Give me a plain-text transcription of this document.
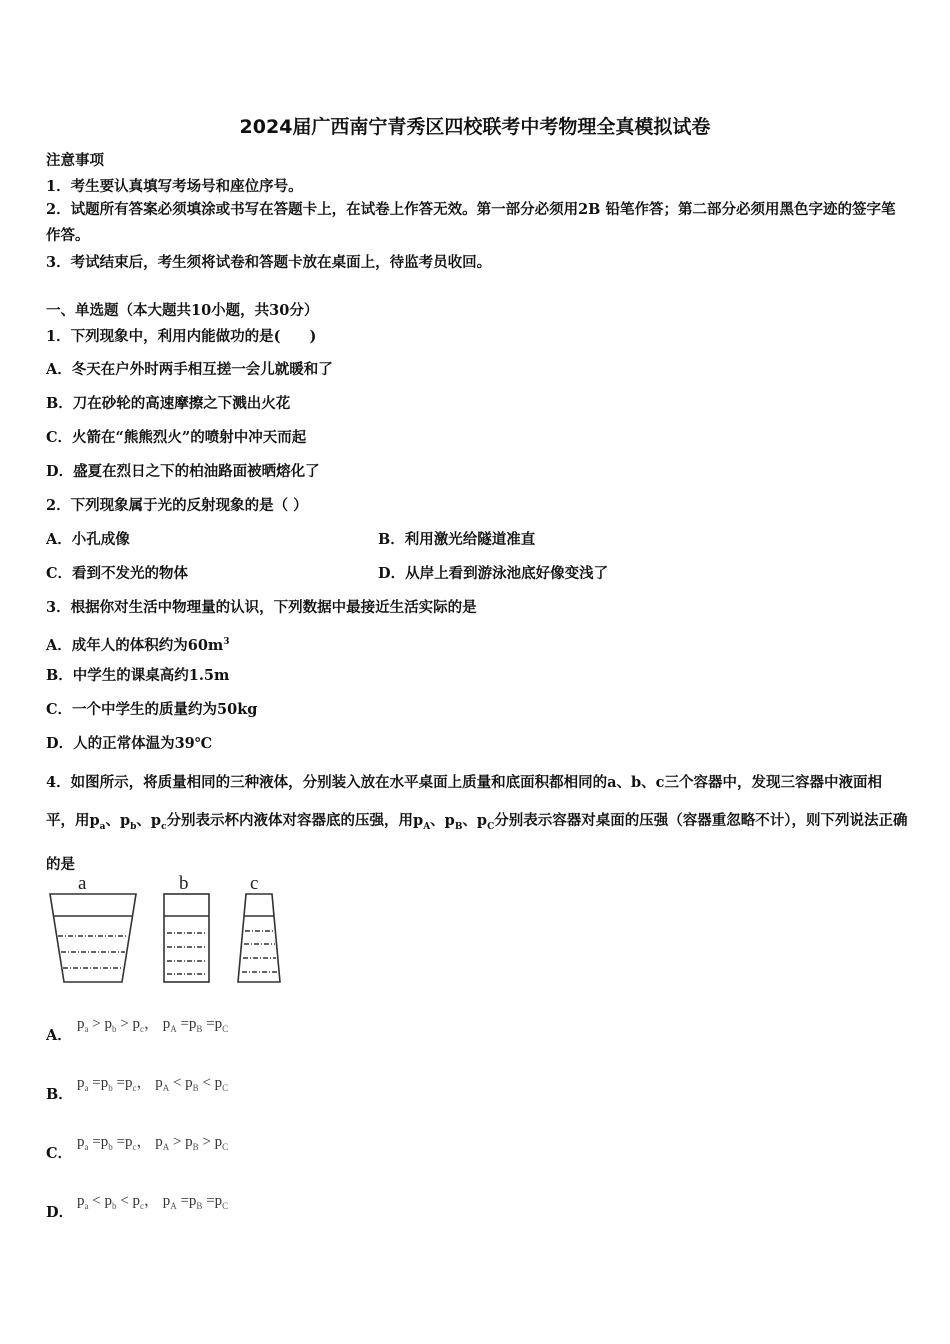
2024届广西南宁青秀区四校联考中考物理全真模拟试卷
注意事项
1．考生要认真填写考场号和座位序号。
2．试题所有答案必须填涂或书写在答题卡上，在试卷上作答无效。第一部分必须用2B 铅笔作答；第二部分必须用黑色字迹的签字笔作答。
3．考试结束后，考生须将试卷和答题卡放在桌面上，待监考员收回。
一、单选题（本大题共10小题，共30分）
1．下列现象中，利用内能做功的是(　　)
A．冬天在户外时两手相互搓一会儿就暖和了
B．刀在砂轮的高速摩擦之下溅出火花
C．火箭在“熊熊烈火”的喷射中冲天而起
D．盛夏在烈日之下的柏油路面被晒熔化了
2．下列现象属于光的反射现象的是（ ）
A．小孔成像	B．利用激光给隧道准直
C．看到不发光的物体	D．从岸上看到游泳池底好像变浅了
3．根据你对生活中物理量的认识，下列数据中最接近生活实际的是
A．成年人的体积约为$60m^3$
B．中学生的课桌高约1.5m
C．一个中学生的质量约为50kg
D．人的正常体温为39℃
4．如图所示，将质量相同的三种液体，分别装入放在水平桌面上质量和底面积都相同的a、b、c三个容器中，发现三容器中液面相平，用$p_a$、$p_b$、$p_c$分别表示杯内液体对容器底的压强，用$p_A$、$p_B$、$p_C$分别表示容器对桌面的压强（容器重忽略不计），则下列说法正确的是
a	b	c
A．
$p_a > p_b > p_c$， $p_A =p_B =p_C$
B．
$p_a =p_b =p_c$， $p_A < p_B < p_C$
C．
$p_a =p_b =p_c$， $p_A > p_B > p_C$
D．
$p_a < p_b < p_c$， $p_A =p_B =p_C$
